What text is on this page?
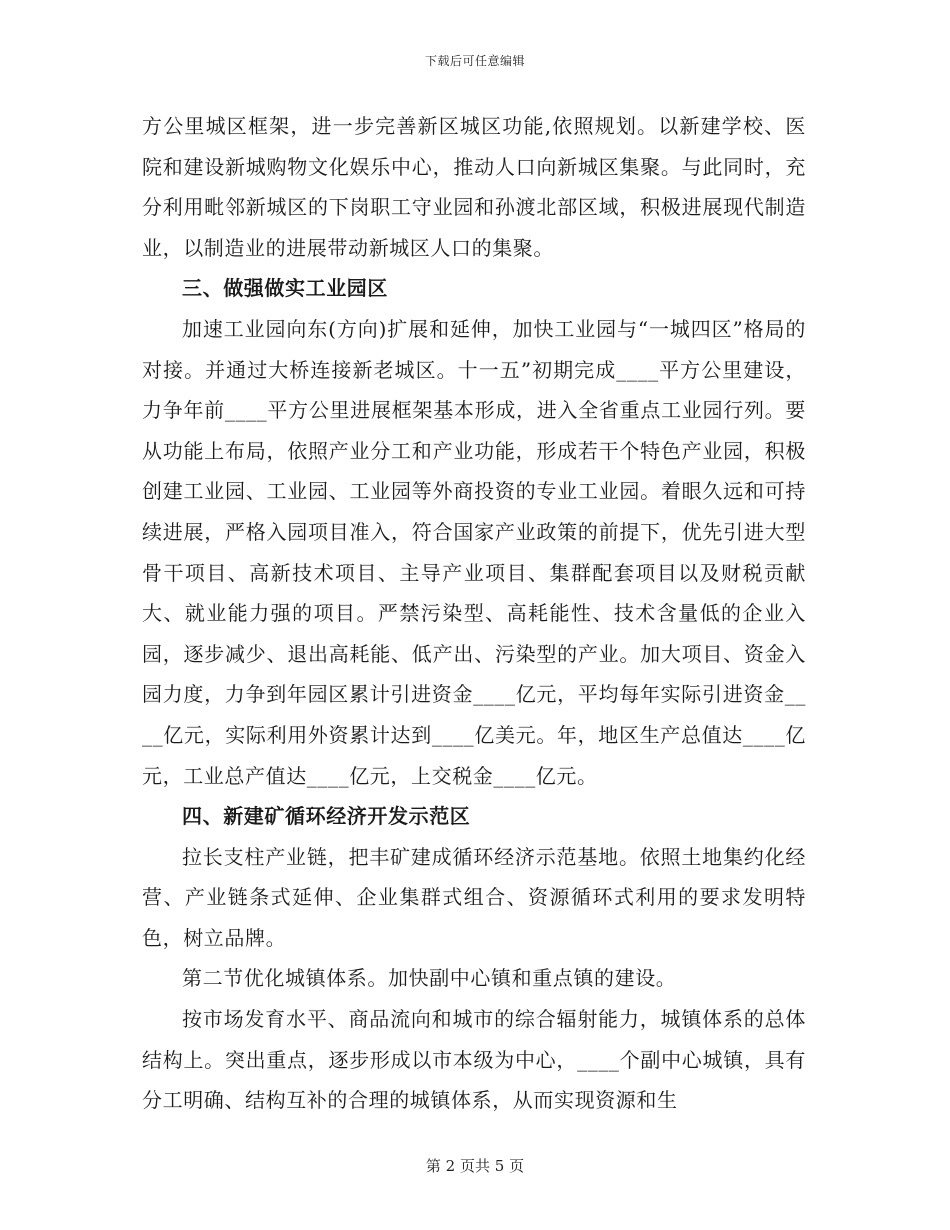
下载后可任意编辑

方公里城区框架，进一步完善新区城区功能,依照规划。以新建学校、医院和建设新城购物文化娱乐中心，推动人口向新城区集聚。与此同时，充分利用毗邻新城区的下岗职工守业园和孙渡北部区域，积极进展现代制造业，以制造业的进展带动新城区人口的集聚。

三、做强做实工业园区

加速工业园向东(方向)扩展和延伸，加快工业园与“一城四区”格局的对接。并通过大桥连接新老城区。十一五”初期完成____平方公里建设，力争年前____平方公里进展框架基本形成，进入全省重点工业园行列。要从功能上布局，依照产业分工和产业功能，形成若干个特色产业园，积极创建工业园、工业园、工业园等外商投资的专业工业园。着眼久远和可持续进展，严格入园项目准入，符合国家产业政策的前提下，优先引进大型骨干项目、高新技术项目、主导产业项目、集群配套项目以及财税贡献大、就业能力强的项目。严禁污染型、高耗能性、技术含量低的企业入园，逐步减少、退出高耗能、低产出、污染型的产业。加大项目、资金入园力度，力争到年园区累计引进资金____亿元，平均每年实际引进资金____亿元，实际利用外资累计达到____亿美元。年，地区生产总值达____亿元，工业总产值达____亿元，上交税金____亿元。

四、新建矿循环经济开发示范区

拉长支柱产业链，把丰矿建成循环经济示范基地。依照土地集约化经营、产业链条式延伸、企业集群式组合、资源循环式利用的要求发明特色，树立品牌。

第二节优化城镇体系。加快副中心镇和重点镇的建设。

按市场发育水平、商品流向和城市的综合辐射能力，城镇体系的总体结构上。突出重点，逐步形成以市本级为中心，____个副中心城镇，具有分工明确、结构互补的合理的城镇体系，从而实现资源和生

第 2 页共 5 页
